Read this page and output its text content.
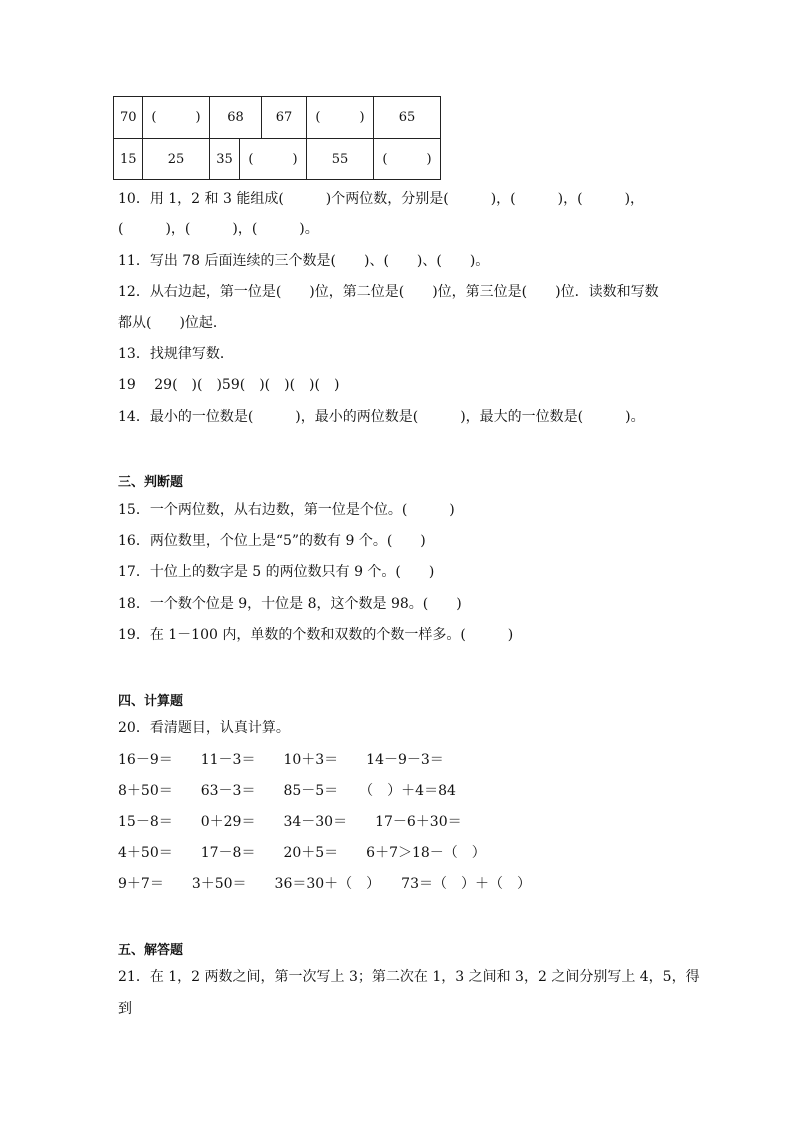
70	(   )	68	67	(   )	65
15	25	35	(   )	55	(   )
10．用 1，2 和 3 能组成(　　　)个两位数，分别是(　　　)，(　　　)，(　　　)，
(　　　)，(　　　)，(　　　)。
11．写出 78 后面连续的三个数是(　　)、(　　)、(　　)。
12．从右边起，第一位是(　　)位，第二位是(　　)位，第三位是(　　)位．读数和写数
都从(　　)位起．
13．找规律写数．
19　 29(　)(　)59(　)(　)(　)(　)
14．最小的一位数是(　　　)，最小的两位数是(　　　)，最大的一位数是(　　　)。
三、判断题
15．一个两位数，从右边数，第一位是个位。(　　　)
16．两位数里，个位上是“5”的数有 9 个。(　　)
17．十位上的数字是 5 的两位数只有 9 个。(　　)
18．一个数个位是 9，十位是 8，这个数是 98。(　　)
19．在 1－100 内，单数的个数和双数的个数一样多。(　　　)
四、计算题
20．看清题目，认真计算。
16－9＝　　11－3＝　　10＋3＝　　14－9－3＝
8＋50＝　　63－3＝　　85－5＝　　（　）＋4＝84
15－8＝　　0＋29＝　　34－30＝　　17－6＋30＝
4＋50＝　　17－8＝　　20＋5＝　　6＋7＞18－（　）
9＋7＝　　3＋50＝　　36＝30＋（　）　　73＝（　）＋（　）
五、解答题
21．在 1，2 两数之间，第一次写上 3；第二次在 1，3 之间和 3，2 之间分别写上 4，5，得
到
